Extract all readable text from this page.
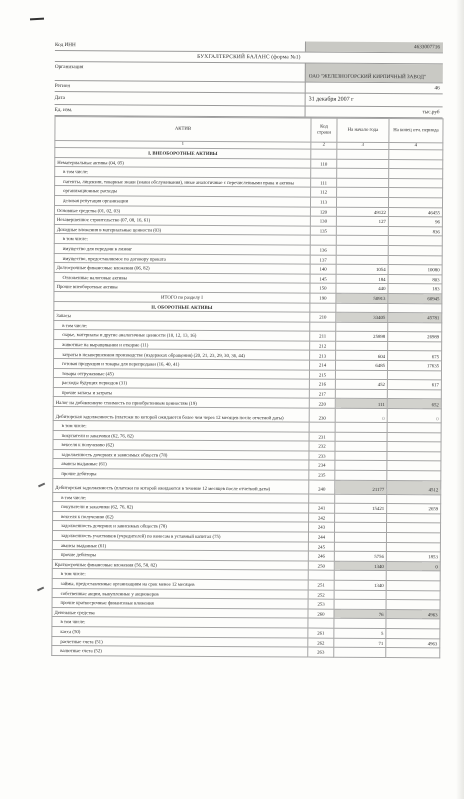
Код ИНН	4633007716
БУХГАЛТЕРСКИЙ БАЛАНС (форма №1)
Организация
ОАО "ЖЕЛЕЗНОГОРСКИЙ КИРПИЧНЫЙ ЗАВОД"
Регион	46
Дата	31 декабря 2007 г
Ед. изм.	тыс.руб
АКТИВ	Код строки	На начало года	На конец отч. периода
1	2	3	4
I. ВНЕОБОРОТНЫЕ АКТИВЫ			
Нематериальные активы (04, 05)	110		
в том числе:			
патенты, лицензии, товарные знаки (знаки обслуживания), иные аналогичные с перечисленными права и активы	111		
организационные расходы	112		
деловая репутация организации	113		
Основные средства (01, 02, 03)	120	49122	46455
Незавершенное строительство (07, 08, 16, 61)	130	127	96
Доходные вложения в материальные ценности (03)	135		836
в том числе:			
имущество для передачи в лизинг	136		
имущество, предоставляемое по договору проката	137		
Долгосрочные финансовые вложения (06, 82)	140	1054	10080
Отложенные налоговые активы	145	184	803
Прочие внеоборотные активы	150	440	183
ИТОГО по разделу I	190	50913	60945
II. ОБОРОТНЫЕ АКТИВЫ			
Запасы	210	33405	45781
в том числе:			
сырье, материалы и другие аналогичные ценности (10, 12, 13, 16)	211	25898	26989
животные на выращивании и откорме (11)	212		
затраты в незавершенном производстве (издержках обращения) (20, 21, 23, 29, 30, 36, 44)	213	604	675
готовая продукция и товары для перепродажи (16, 40, 41)	214	6485	17635
товары отгруженные (45)	215		
расходы будущих периодов (31)	216	452	617
прочие запасы и затраты	217		
Налог на добавленную стоимость по приобретенным ценностям (19)	220	111	652
Дебиторская задолженность (платежи по которой ожидаются более чем через 12 месяцев после отчетной даты)	230	0	0
в том числе:			
покупатели и заказчики (62, 76, 82)	231		
векселя к получению (62)	232		
задолженность дочерних и зависимых обществ (78)	233		
авансы выданные (61)	234		
прочие дебиторы	235		
Дебиторская задолженность (платежи по которой ожидаются в течение 12 месяцев после отчетной даты)	240	21177	4512
в том числе:			
покупатели и заказчики (62, 76, 82)	241	15421	2659
векселя к получению (62)	242		
задолженность дочерних и зависимых обществ (78)	243		
задолженность участников (учредителей) по взносам в уставный капитал (75)	244		
авансы выданные (61)	245		
прочие дебиторы	246	5756	1853
Краткосрочные финансовые вложения (56, 58, 82)	250	1340	0
в том числе:			
займы, предоставленные организациям на срок менее 12 месяцев	251	1340	
собственные акции, выкупленные у акционеров	252		
прочие краткосрочные финансовые вложения	253		
Денежные средства	260	76	4963
в том числе:			
касса (50)	261	5	
расчетные счета (51)	262	71	4963
валютные счета (52)	263		
